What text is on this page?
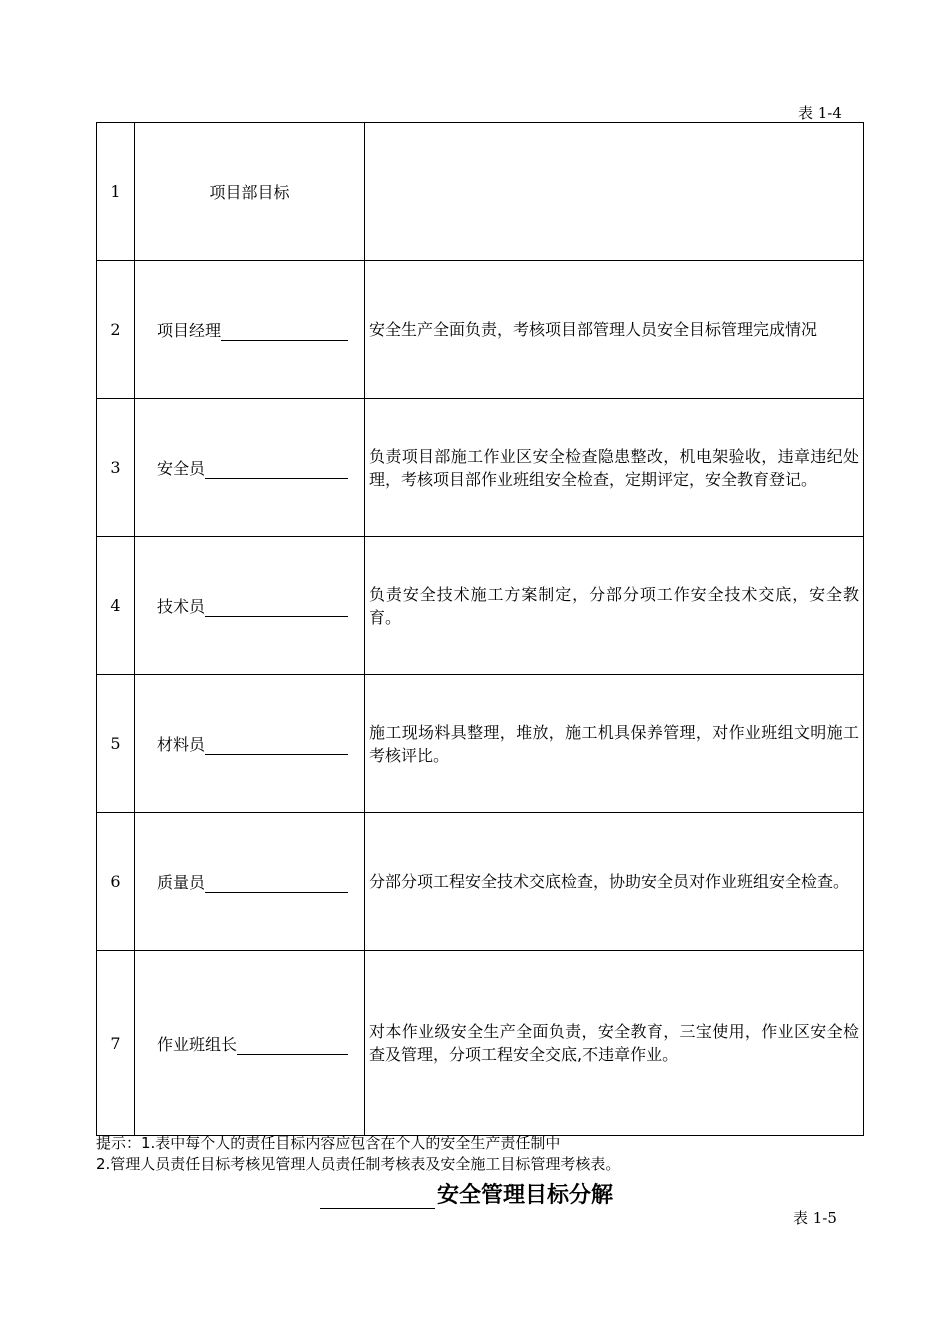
表 1-4
1	项目部目标	
2	项目经理	安全生产全面负责，考核项目部管理人员安全目标管理完成情况
3	安全员	负责项目部施工作业区安全检查隐患整改，机电架验收，违章违纪处理，考核项目部作业班组安全检查，定期评定，安全教育登记。
4	技术员	负责安全技术施工方案制定，分部分项工作安全技术交底，安全教育。
5	材料员	施工现场料具整理，堆放，施工机具保养管理，对作业班组文明施工考核评比。
6	质量员	分部分项工程安全技术交底检查，协助安全员对作业班组安全检查。
7	作业班组长	对本作业级安全生产全面负责，安全教育，三宝使用，作业区安全检查及管理，分项工程安全交底,不违章作业。
提示：1.表中每个人的责任目标内容应包含在个人的安全生产责任制中
2.管理人员责任目标考核见管理人员责任制考核表及安全施工目标管理考核表。
安全管理目标分解
表 1-5
